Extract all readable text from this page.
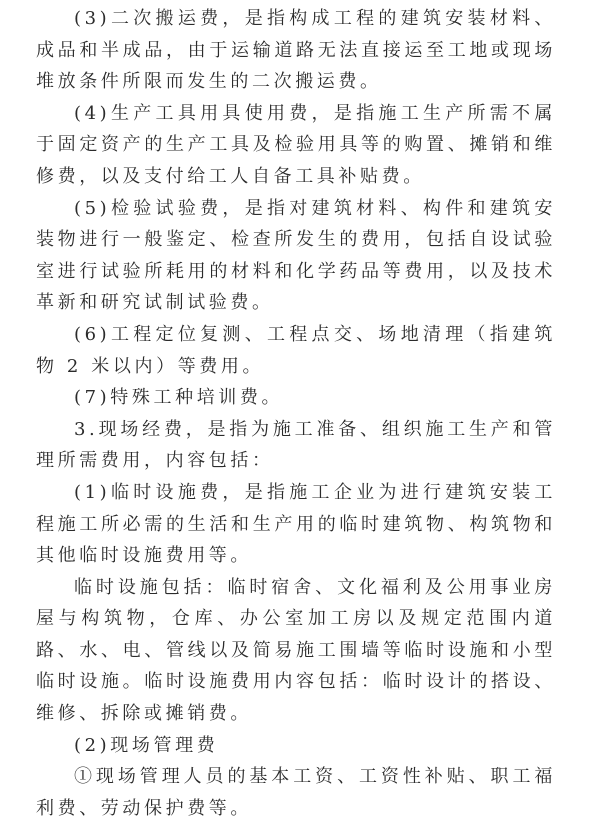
(3)二次搬运费，是指构成工程的建筑安装材料、成品和半成品，由于运输道路无法直接运至工地或现场堆放条件所限而发生的二次搬运费。

(4)生产工具用具使用费，是指施工生产所需不属于固定资产的生产工具及检验用具等的购置、摊销和维修费，以及支付给工人自备工具补贴费。

(5)检验试验费，是指对建筑材料、构件和建筑安装物进行一般鉴定、检查所发生的费用，包括自设试验室进行试验所耗用的材料和化学药品等费用，以及技术革新和研究试制试验费。

(6)工程定位复测、工程点交、场地清理（指建筑物 2 米以内）等费用。

(7)特殊工种培训费。

3.现场经费，是指为施工准备、组织施工生产和管理所需费用，内容包括：

(1)临时设施费，是指施工企业为进行建筑安装工程施工所必需的生活和生产用的临时建筑物、构筑物和其他临时设施费用等。

临时设施包括：临时宿舍、文化福利及公用事业房屋与构筑物，仓库、办公室加工房以及规定范围内道路、水、电、管线以及简易施工围墙等临时设施和小型临时设施。临时设施费用内容包括：临时设计的搭设、维修、拆除或摊销费。

(2)现场管理费

①现场管理人员的基本工资、工资性补贴、职工福利费、劳动保护费等。
